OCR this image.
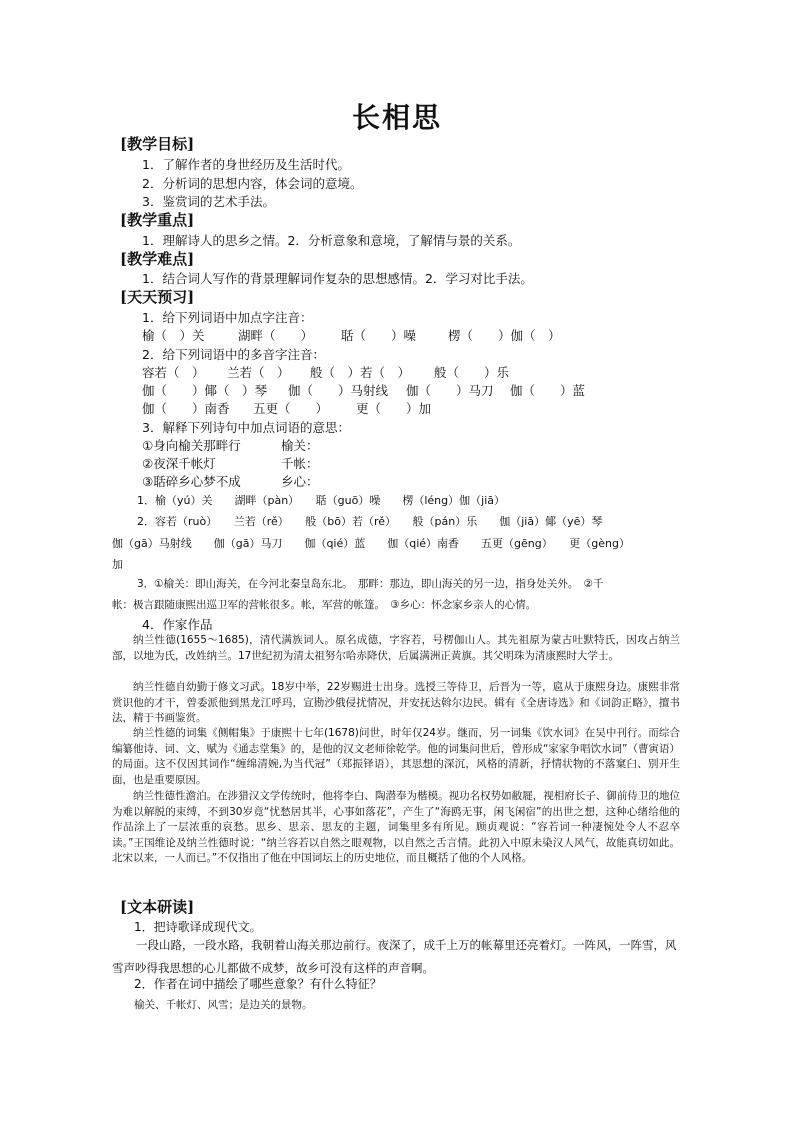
长相思
[教学目标]
1．了解作者的身世经历及生活时代。
2．分析词的思想内容，体会词的意境。
3．鉴赏词的艺术手法。
[教学重点]
1．理解诗人的思乡之情。2．分析意象和意境，了解情与景的关系。
[教学难点]
1．结合词人写作的背景理解词作复杂的思想感情。2．学习对比手法。
[天天预习]
1．给下列词语中加点字注音：
榆（　）关	湖畔（　　） 聒（　　）噪	楞（　　）伽（　）
2．给下列词语中的多音字注音：
容若（　） 兰若（　） 般（　）若（　） 般（　　）乐
伽（　　）倻（　）琴 伽（　　）马射线 伽（　　）马刀 伽（　　）蓝
伽（　　）南香 五更（　　） 更（　　）加
3．解释下列诗句中加点词语的意思：
①身向榆关那畔行	榆关：
②夜深千帐灯	千帐：
③聒碎乡心梦不成	乡心：
1．榆（yú）关　　湖畔（pàn）　　聒（guō）噪　　楞（léng）伽（jiā）
2．容若（ruò）　　兰若（rě）　　般（bō）若（rě）　　般（pán）乐　　伽（jiā）倻（yē）琴
伽（gā）马射线　　伽（gā）马刀　　伽（qié）蓝　　伽（qié）南香　　五更（gēng）　　更（gèng）
加
3．①榆关：即山海关，在今河北秦皇岛东北。　那畔：那边，即山海关的另一边，指身处关外。　②千
帐：极言跟随康熙出巡卫军的营帐很多。帐，军营的帐篷。　③乡心：怀念家乡亲人的心情。
4．作家作品
纳兰性德(1655～1685)，清代满族词人。原名成德，字容若，号楞伽山人。其先祖原为蒙古吐默特氏，因攻占纳兰部，以地为氏，改姓纳兰。17世纪初为清太祖努尔哈赤降伏，后属满洲正黄旗。其父明珠为清康熙时大学士。
纳兰性德自幼勤于修文习武。18岁中举，22岁赐进士出身。选授三等侍卫，后晋为一等，扈从于康熙身边。康熙非常赏识他的才干，曾委派他到黑龙江呼玛，宣勘沙俄侵扰情况，并安抚达斡尔边民。辑有《全唐诗选》和《词韵正略》，擅书法，精于书画鉴赏。
纳兰性德的词集《侧帽集》于康熙十七年(1678)问世，时年仅24岁。继而，另一词集《饮水词》在吴中刊行。而综合编纂他诗、词、文、赋为《通志堂集》的，是他的汉文老师徐乾学。他的词集问世后，曾形成“家家争唱饮水词”（曹寅语）的局面。这不仅因其词作“缠绵清婉,为当代冠”（郑振铎语），其思想的深沉，风格的清新，抒情状物的不落窠臼、别开生面，也是重要原因。
纳兰性德性澹泊。在涉猎汉文学传统时，他将李白、陶潜奉为楷模。视功名权势如敝屣，视相府长子、御前侍卫的地位为难以解脱的束缚，不到30岁竟“忧愁居其半，心事如落花”，产生了“海鸥无事，闲飞闲宿”的出世之想，这种心绪给他的作品涂上了一层浓重的哀愁。思乡、思亲、思友的主题，词集里多有所见。顾贞观说：“容若词一种凄惋处令人不忍卒读。”王国维论及纳兰性德时说：“纳兰容若以自然之眼观物，以自然之舌言情。此初入中原未染汉人风气，故能真切如此。北宋以来，一人而已。”不仅指出了他在中国词坛上的历史地位，而且概括了他的个人风格。
[文本研读]
1．把诗歌译成现代文。
一段山路，一段水路，我朝着山海关那边前行。夜深了，成千上万的帐幕里还亮着灯。一阵风，一阵雪，风雪声吵得我思想的心儿都做不成梦，故乡可没有这样的声音啊。
2．作者在词中描绘了哪些意象？有什么特征？
榆关、千帐灯、风雪；是边关的景物。
